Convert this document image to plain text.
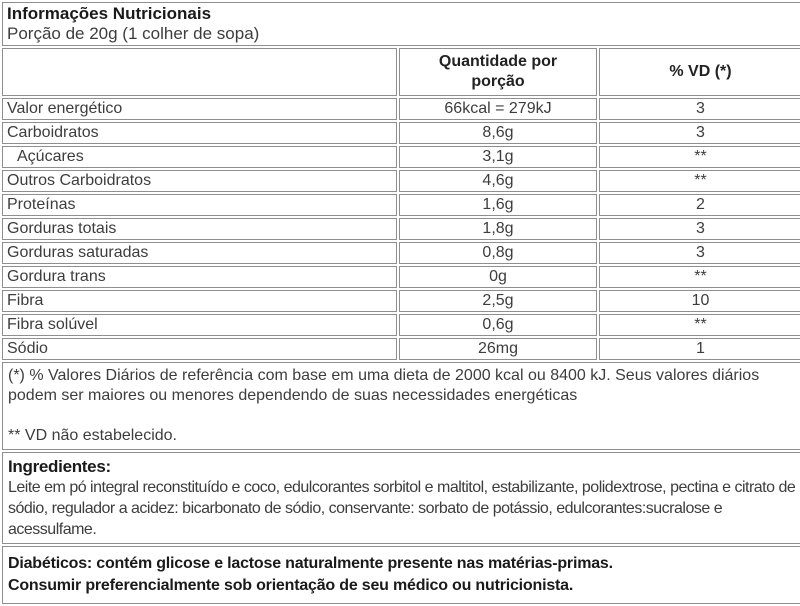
Informações Nutricionais
Porção de 20g (1 colher de sopa)		

	Quantidade por porção	% VD (*)
Valor energético	66kcal = 279kJ	3
Carboidratos	8,6g	3
Açúcares	3,1g	**
Outros Carboidratos	4,6g	**
Proteínas	1,6g	2
Gorduras totais	1,8g	3
Gorduras saturadas	0,8g	3
Gordura trans	0g	**
Fibra	2,5g	10
Fibra solúvel	0,6g	**
Sódio	26mg	1

(*) % Valores Diários de referência com base em uma dieta de 2000 kcal ou 8400 kJ. Seus valores diários podem ser maiores ou menores dependendo de suas necessidades energéticas
** VD não estabelecido.		

Ingredientes:
Leite em pó integral reconstituído e coco, edulcorantes sorbitol e maltitol, estabilizante, polidextrose, pectina e citrato de sódio, regulador a acidez: bicarbonato de sódio, conservante: sorbato de potássio, edulcorantes:sucralose e acessulfame.		

Diabéticos: contém glicose e lactose naturalmente presente nas matérias-primas.
Consumir preferencialmente sob orientação de seu médico ou nutricionista.		
